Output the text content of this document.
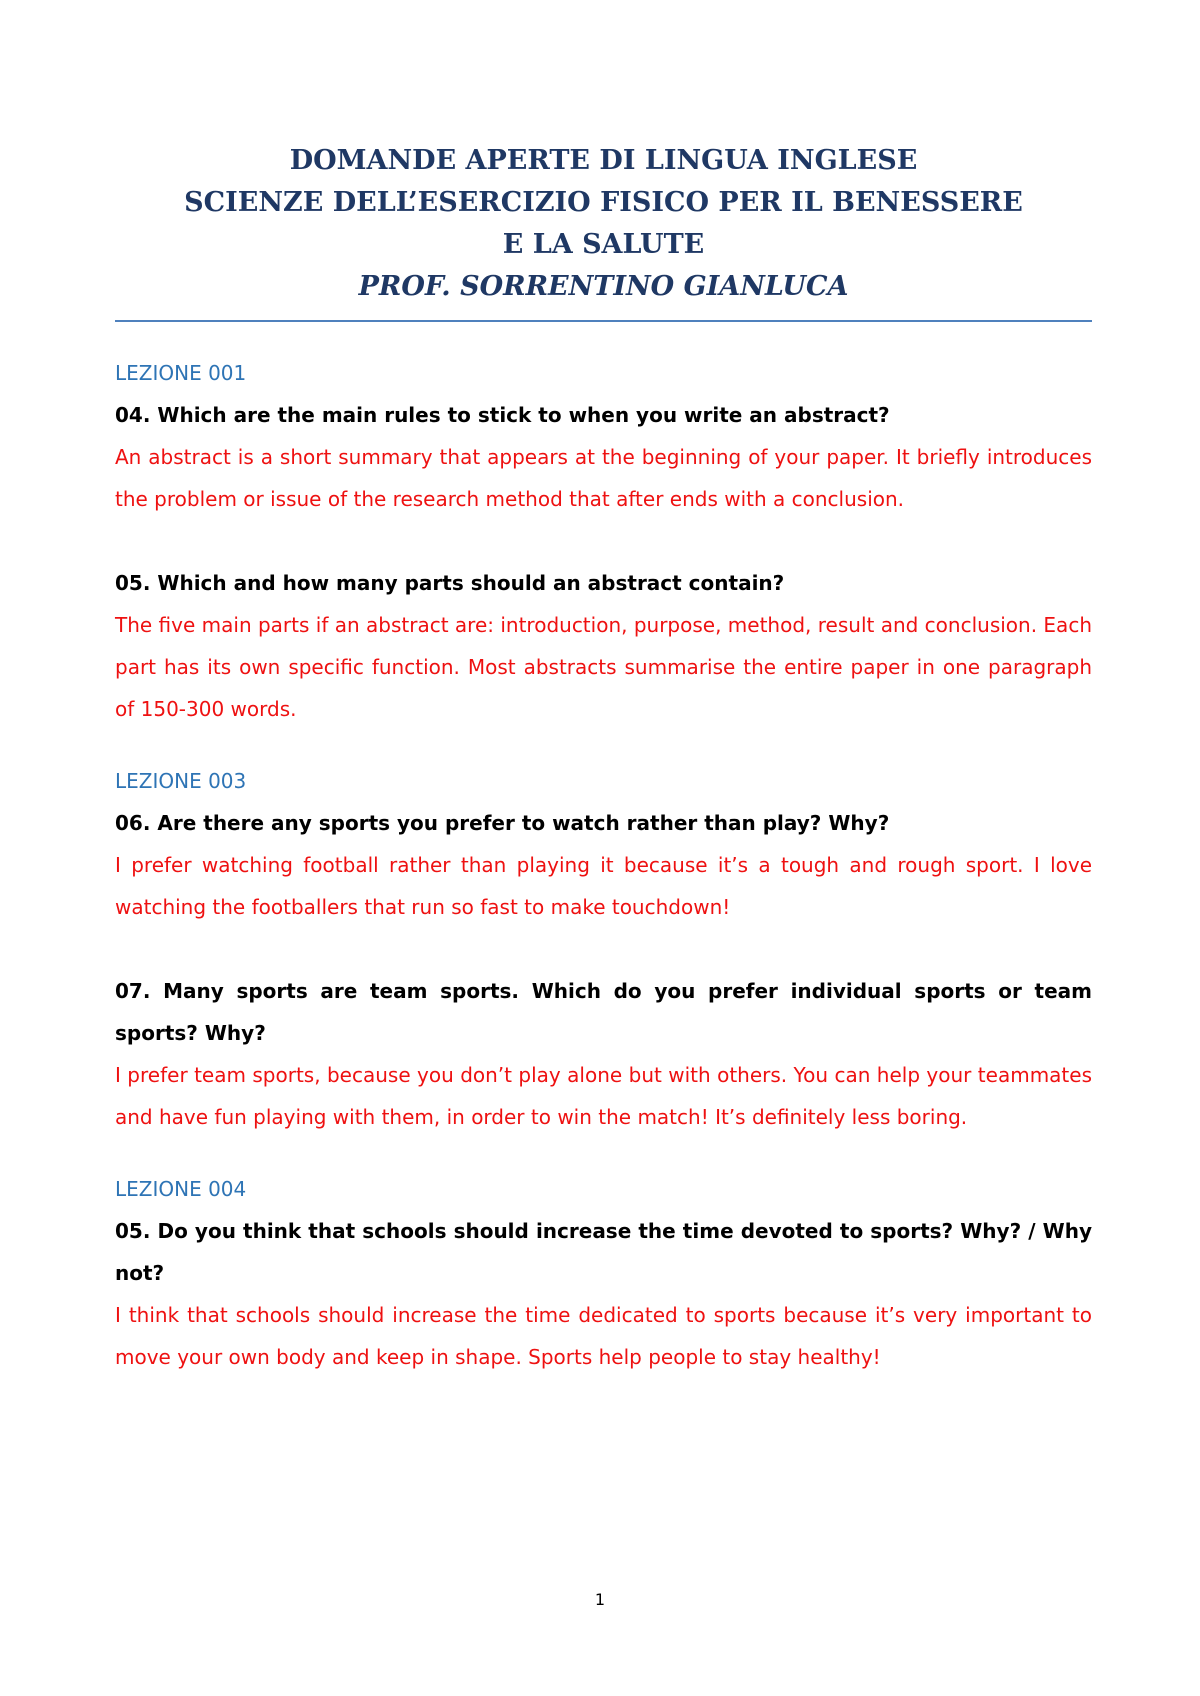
DOMANDE APERTE DI LINGUA INGLESE
SCIENZE DELL’ESERCIZIO FISICO PER IL BENESSERE
E LA SALUTE
PROF. SORRENTINO GIANLUCA
LEZIONE 001

04. Which are the main rules to stick to when you write an abstract?

An abstract is a short summary that appears at the beginning of your paper. It briefly introduces the problem or issue of the research method that after ends with a conclusion.

05. Which and how many parts should an abstract contain?

The five main parts if an abstract are: introduction, purpose, method, result and conclusion. Each part has its own specific function. Most abstracts summarise the entire paper in one paragraph of 150-300 words.

LEZIONE 003

06. Are there any sports you prefer to watch rather than play? Why?

I prefer watching football rather than playing it because it’s a tough and rough sport. I love watching the footballers that run so fast to make touchdown!

07. Many sports are team sports. Which do you prefer individual sports or team sports? Why?

I prefer team sports, because you don’t play alone but with others. You can help your teammates and have fun playing with them, in order to win the match! It’s definitely less boring.

LEZIONE 004

05. Do you think that schools should increase the time devoted to sports? Why? / Why not?

I think that schools should increase the time dedicated to sports because it’s very important to move your own body and keep in shape. Sports help people to stay healthy!

1
